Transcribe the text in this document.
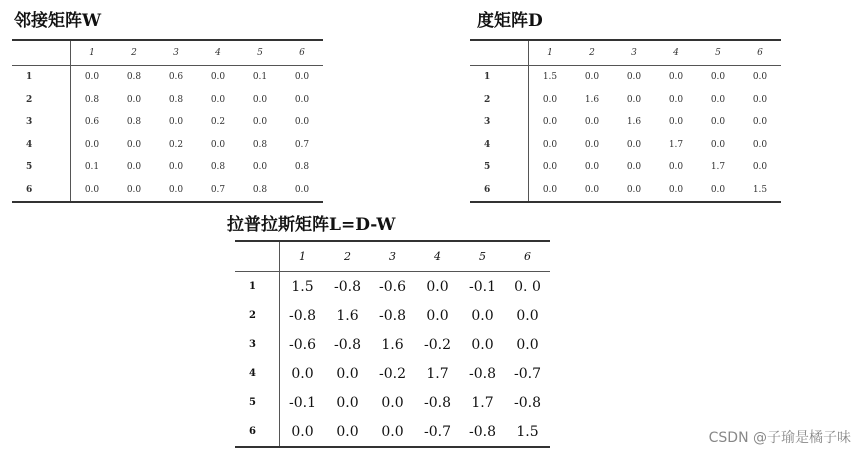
邻接矩阵W
	1	2	3	4	5	6
1	0.0	0.8	0.6	0.0	0.1	0.0
2	0.8	0.0	0.8	0.0	0.0	0.0
3	0.6	0.8	0.0	0.2	0.0	0.0
4	0.0	0.0	0.2	0.0	0.8	0.7
5	0.1	0.0	0.0	0.8	0.0	0.8
6	0.0	0.0	0.0	0.7	0.8	0.0
度矩阵D
	1	2	3	4	5	6
1	1.5	0.0	0.0	0.0	0.0	0.0
2	0.0	1.6	0.0	0.0	0.0	0.0
3	0.0	0.0	1.6	0.0	0.0	0.0
4	0.0	0.0	0.0	1.7	0.0	0.0
5	0.0	0.0	0.0	0.0	1.7	0.0
6	0.0	0.0	0.0	0.0	0.0	1.5
拉普拉斯矩阵L=D-W
	1	2	3	4	5	6
1	1.5	-0.8	-0.6	0.0	-0.1	0. 0
2	-0.8	1.6	-0.8	0.0	0.0	0.0
3	-0.6	-0.8	1.6	-0.2	0.0	0.0
4	0.0	0.0	-0.2	1.7	-0.8	-0.7
5	-0.1	0.0	0.0	-0.8	1.7	-0.8
6	0.0	0.0	0.0	-0.7	-0.8	1.5	CSDN @子瑜是橘子味
